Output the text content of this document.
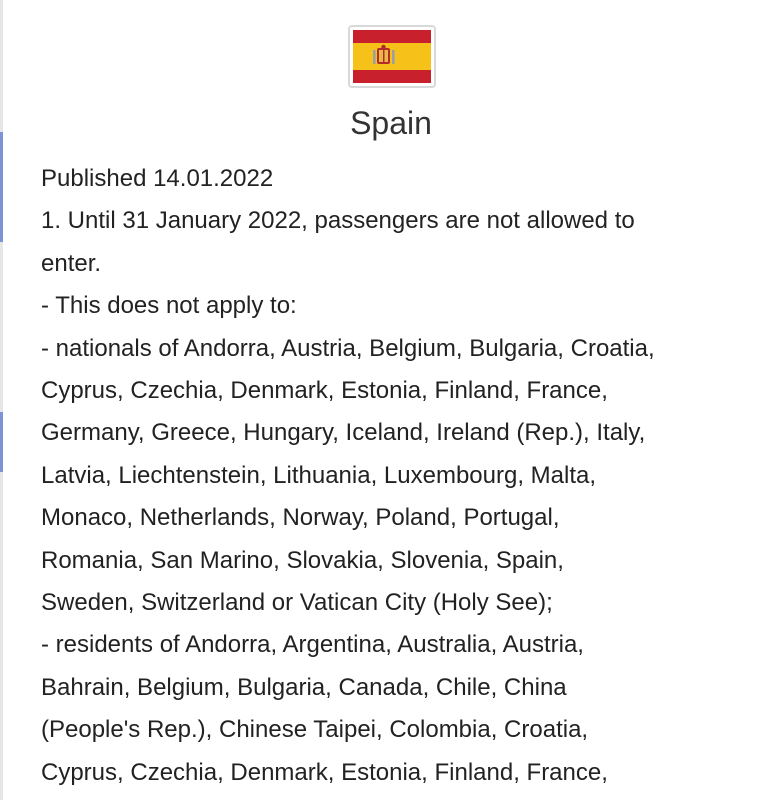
Spain
Published 14.01.2022
1. Until 31 January 2022, passengers are not allowed to
enter.
- This does not apply to:
- nationals of Andorra, Austria, Belgium, Bulgaria, Croatia,
Cyprus, Czechia, Denmark, Estonia, Finland, France,
Germany, Greece, Hungary, Iceland, Ireland (Rep.), Italy,
Latvia, Liechtenstein, Lithuania, Luxembourg, Malta,
Monaco, Netherlands, Norway, Poland, Portugal,
Romania, San Marino, Slovakia, Slovenia, Spain,
Sweden, Switzerland or Vatican City (Holy See);
- residents of Andorra, Argentina, Australia, Austria,
Bahrain, Belgium, Bulgaria, Canada, Chile, China
(People's Rep.), Chinese Taipei, Colombia, Croatia,
Cyprus, Czechia, Denmark, Estonia, Finland, France,
